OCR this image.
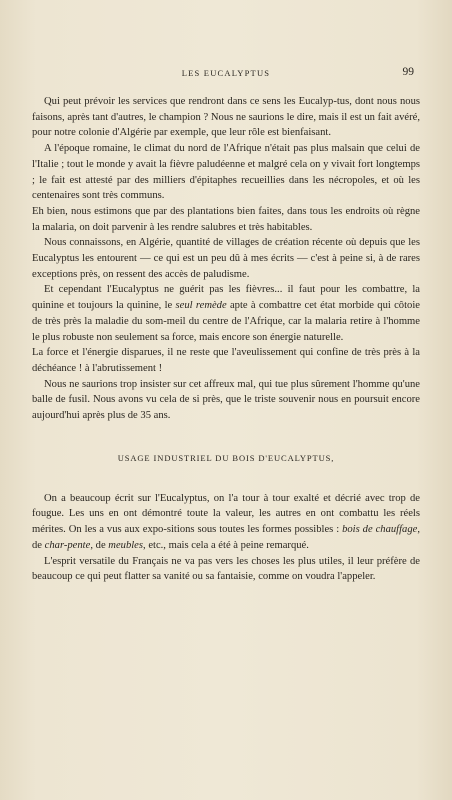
LES EUCALYPTUS	99

Qui peut prévoir les services que rendront dans ce sens les Eucalyp-tus, dont nous nous faisons, après tant d'autres, le champion ? Nous ne saurions le dire, mais il est un fait avéré, pour notre colonie d'Algérie par exemple, que leur rôle est bienfaisant.

A l'époque romaine, le climat du nord de l'Afrique n'était pas plus malsain que celui de l'Italie ; tout le monde y avait la fièvre paludéenne et malgré cela on y vivait fort longtemps ; le fait est attesté par des milliers d'épitaphes recueillies dans les nécropoles, et où les centenaires sont très communs.

Eh bien, nous estimons que par des plantations bien faites, dans tous les endroits où règne la malaria, on doit parvenir à les rendre salubres et très habitables.

Nous connaissons, en Algérie, quantité de villages de création récente où depuis que les Eucalyptus les entourent — ce qui est un peu dû à mes écrits — c'est à peine si, à de rares exceptions près, on ressent des accès de paludisme.

Et cependant l'Eucalyptus ne guérit pas les fièvres... il faut pour les combattre, la quinine et toujours la quinine, le seul remède apte à combattre cet état morbide qui côtoie de très près la maladie du som-meil du centre de l'Afrique, car la malaria retire à l'homme le plus robuste non seulement sa force, mais encore son énergie naturelle.

La force et l'énergie disparues, il ne reste que l'aveulissement qui confine de très près à la déchéance ! à l'abrutissement !

Nous ne saurions trop insister sur cet affreux mal, qui tue plus sûrement l'homme qu'une balle de fusil. Nous avons vu cela de si près, que le triste souvenir nous en poursuit encore aujourd'hui après plus de 35 ans.

USAGE INDUSTRIEL DU BOIS D'EUCALYPTUS,

On a beaucoup écrit sur l'Eucalyptus, on l'a tour à tour exalté et décrié avec trop de fougue. Les uns en ont démontré toute la valeur, les autres en ont combattu les réels mérites. On les a vus aux expo-sitions sous toutes les formes possibles : bois de chauffage, de char-pente, de meubles, etc., mais cela a été à peine remarqué.

L'esprit versatile du Français ne va pas vers les choses les plus utiles, il leur préfère de beaucoup ce qui peut flatter sa vanité ou sa fantaisie, comme on voudra l'appeler.
